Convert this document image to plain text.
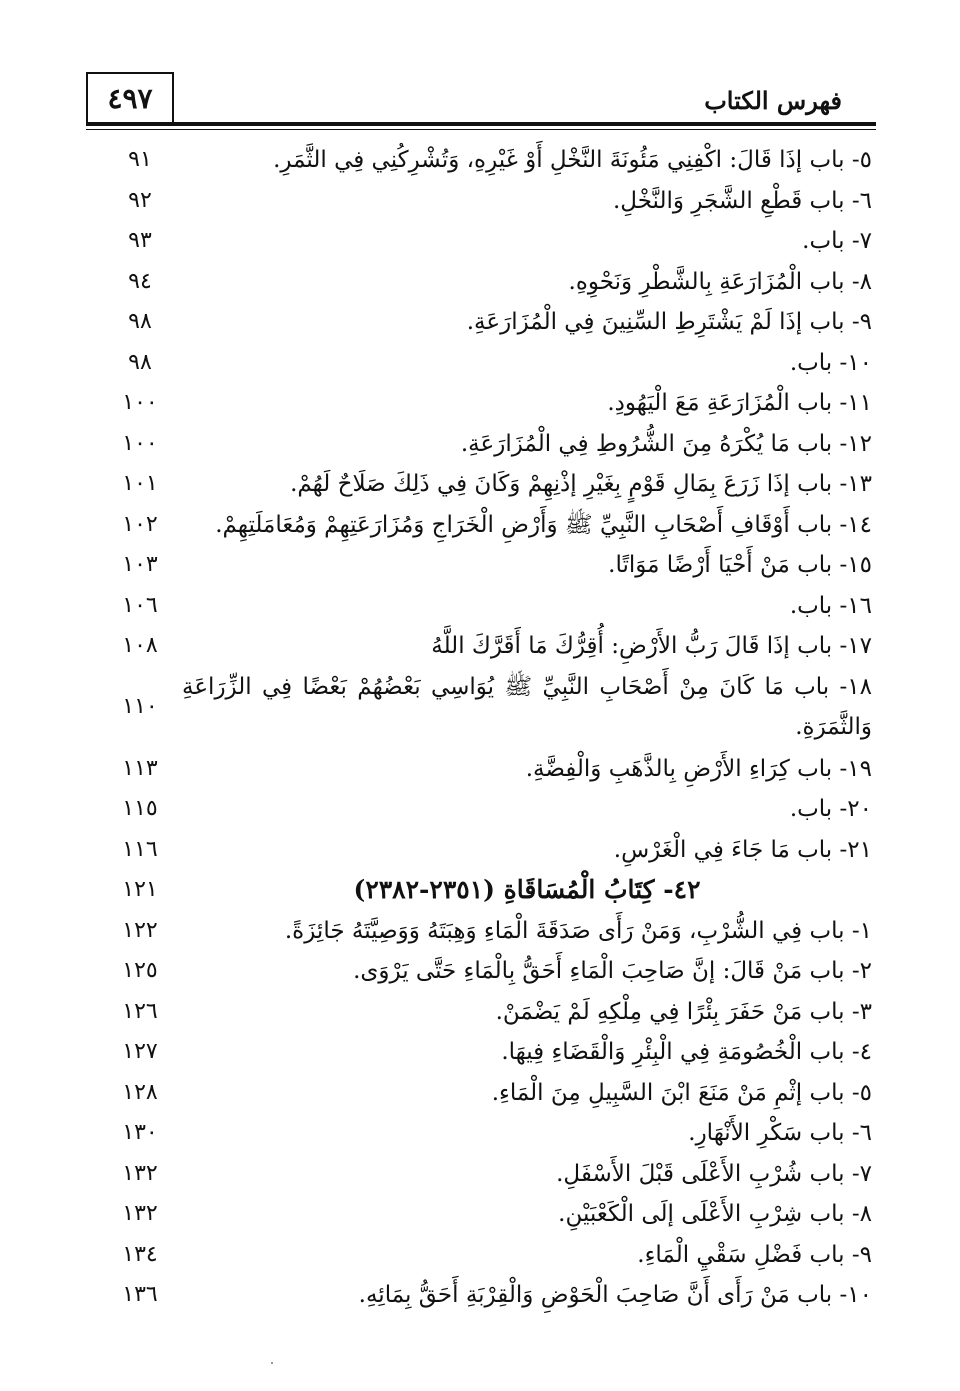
٤٩٧	فهرس الكتاب
٥- باب إذَا قَالَ: اكْفِنِي مَئُونَةَ النَّخْلِ أَوْ غَيْرِهِ، وَتُشْرِكُنِي فِي الثَّمَرِ.
٩١
٦- باب قَطْعِ الشَّجَرِ وَالنَّخْلِ.
٩٢
٧- باب.
٩٣
٨- باب الْمُزَارَعَةِ بِالشَّطْرِ وَنَحْوِهِ.
٩٤
٩- باب إذَا لَمْ يَشْتَرِطِ السِّنِينَ فِي الْمُزَارَعَةِ.
٩٨
١٠- باب.
٩٨
١١- باب الْمُزَارَعَةِ مَعَ الْيَهُودِ.
١٠٠
١٢- باب مَا يُكْرَهُ مِنَ الشُّرُوطِ فِي الْمُزَارَعَةِ.
١٠٠
١٣- باب إذَا زَرَعَ بِمَالِ قَوْمٍ بِغَيْرِ إذْنِهِمْ وَكَانَ فِي ذَلِكَ صَلَاحٌ لَهُمْ.
١٠١
١٤- باب أَوْقَافِ أَصْحَابِ النَّبِيِّ ﷺ وَأَرْضِ الْخَرَاجِ وَمُزَارَعَتِهِمْ وَمُعَامَلَتِهِمْ.
١٠٢
١٥- باب مَنْ أَحْيَا أَرْضًا مَوَاتًا.
١٠٣
١٦- باب.
١٠٦
١٧- باب إذَا قَالَ رَبُّ الأَرْضِ: أُقِرُّكَ مَا أَقَرَّكَ اللَّهُ
١٠٨
١٨- باب مَا كَانَ مِنْ أَصْحَابِ النَّبِيِّ ﷺ يُوَاسِي بَعْضُهُمْ بَعْضًا فِي الزِّرَاعَةِ وَالثَّمَرَةِ.
١١٠
١٩- باب كِرَاءِ الأَرْضِ بِالذَّهَبِ وَالْفِضَّةِ.
١١٣
٢٠- باب.
١١٥
٢١- باب مَا جَاءَ فِي الْغَرْسِ.
١١٦
٤٢- كِتَابُ الْمُسَاقَاةِ (٢٣٥١-٢٣٨٢)
١٢١
١- باب فِي الشُّرْبِ، وَمَنْ رَأَى صَدَقَةَ الْمَاءِ وَهِبَتَهُ وَوَصِيَّتَهُ جَائِزَةً.
١٢٢
٢- باب مَنْ قَالَ: إنَّ صَاحِبَ الْمَاءِ أَحَقُّ بِالْمَاءِ حَتَّى يَرْوَى.
١٢٥
٣- باب مَنْ حَفَرَ بِئْرًا فِي مِلْكِهِ لَمْ يَضْمَنْ.
١٢٦
٤- باب الْخُصُومَةِ فِي الْبِئْرِ وَالْقَضَاءِ فِيهَا.
١٢٧
٥- باب إثْمِ مَنْ مَنَعَ ابْنَ السَّبِيلِ مِنَ الْمَاءِ.
١٢٨
٦- باب سَكْرِ الأَنْهَارِ.
١٣٠
٧- باب شُرْبِ الأَعْلَى قَبْلَ الأَسْفَلِ.
١٣٢
٨- باب شِرْبِ الأَعْلَى إلَى الْكَعْبَيْنِ.
١٣٢
٩- باب فَضْلِ سَقْيِ الْمَاءِ.
١٣٤
١٠- باب مَنْ رَأَى أَنَّ صَاحِبَ الْحَوْضِ وَالْقِرْبَةِ أَحَقُّ بِمَائِهِ.
١٣٦
